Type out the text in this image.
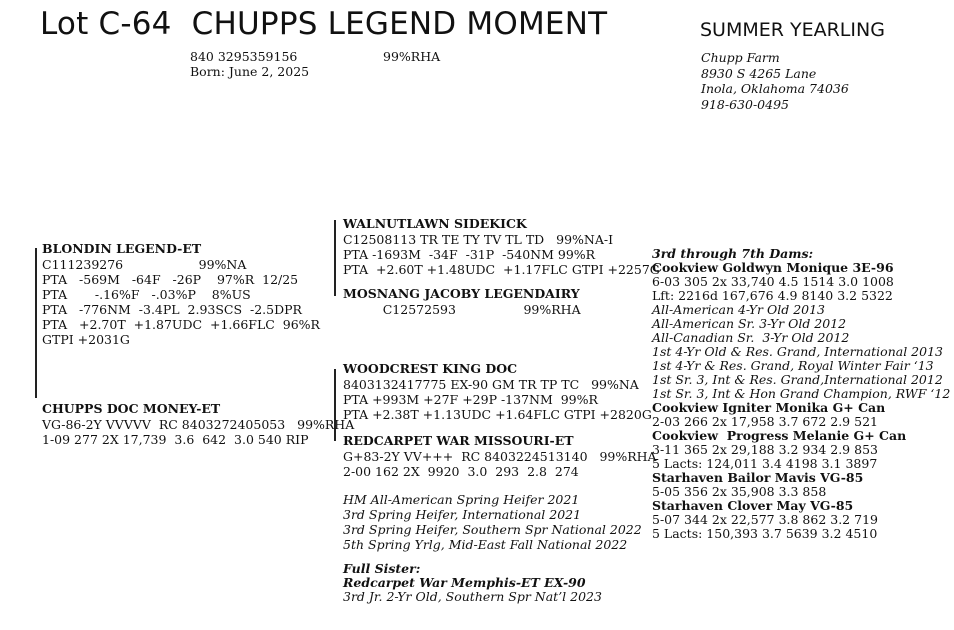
Lot C-64  CHUPPS LEGEND MOMENT	SUMMER YEARLING
840 3295359156	99%RHA
Born: June 2, 2025
Chupp Farm
8930 S 4265 Lane
Inola, Oklahoma 74036
918-630-0495
BLONDIN LEGEND-ET
C111239276                   99%NA
PTA   -569M   -64F   -26P    97%R  12/25
PTA       -.16%F   -.03%P    8%US
PTA   -776NM  -3.4PL  2.93SCS  -2.5DPR
PTA   +2.70T  +1.87UDC  +1.66FLC  96%R
GTPI +2031G
WALNUTLAWN SIDEKICK
C12508113 TR TE TY TV TL TD   99%NA-I
PTA -1693M  -34F  -31P  -540NM 99%R
PTA  +2.60T +1.48UDC  +1.17FLC GTPI +2257G
MOSNANG JACOBY LEGENDAIRY
C12572593                 99%RHA
CHUPPS DOC MONEY-ET
VG-86-2Y VVVVV  RC 8403272405053   99%RHA
1-09 277 2X 17,739  3.6  642  3.0 540 RIP
WOODCREST KING DOC
8403132417775 EX-90 GM TR TP TC   99%NA
PTA +993M +27F +29P -137NM  99%R
PTA +2.38T +1.13UDC +1.64FLC GTPI +2820G
REDCARPET WAR MISSOURI-ET
G+83-2Y VV+++  RC 8403224513140   99%RHA
2-00 162 2X  9920  3.0  293  2.8  274
HM All-American Spring Heifer 2021
3rd Spring Heifer, International 2021
3rd Spring Heifer, Southern Spr National 2022
5th Spring Yrlg, Mid-East Fall National 2022
Full Sister:
Redcarpet War Memphis-ET EX-90
3rd Jr. 2-Yr Old, Southern Spr Nat’l 2023
3rd through 7th Dams:
Cookview Goldwyn Monique 3E-96
6-03 305 2x 33,740 4.5 1514 3.0 1008
Lft: 2216d 167,676 4.9 8140 3.2 5322
All-American 4-Yr Old 2013
All-American Sr. 3-Yr Old 2012
All-Canadian Sr.  3-Yr Old 2012
1st 4-Yr Old & Res. Grand, International 2013
1st 4-Yr & Res. Grand, Royal Winter Fair ‘13
1st Sr. 3, Int & Res. Grand,International 2012
1st Sr. 3, Int & Hon Grand Champion, RWF ‘12
Cookview Igniter Monika G+ Can
2-03 266 2x 17,958 3.7 672 2.9 521
Cookview  Progress Melanie G+ Can
3-11 365 2x 29,188 3.2 934 2.9 853
5 Lacts: 124,011 3.4 4198 3.1 3897
Starhaven Bailor Mavis VG-85
5-05 356 2x 35,908 3.3 858
Starhaven Clover May VG-85
5-07 344 2x 22,577 3.8 862 3.2 719
5 Lacts: 150,393 3.7 5639 3.2 4510
